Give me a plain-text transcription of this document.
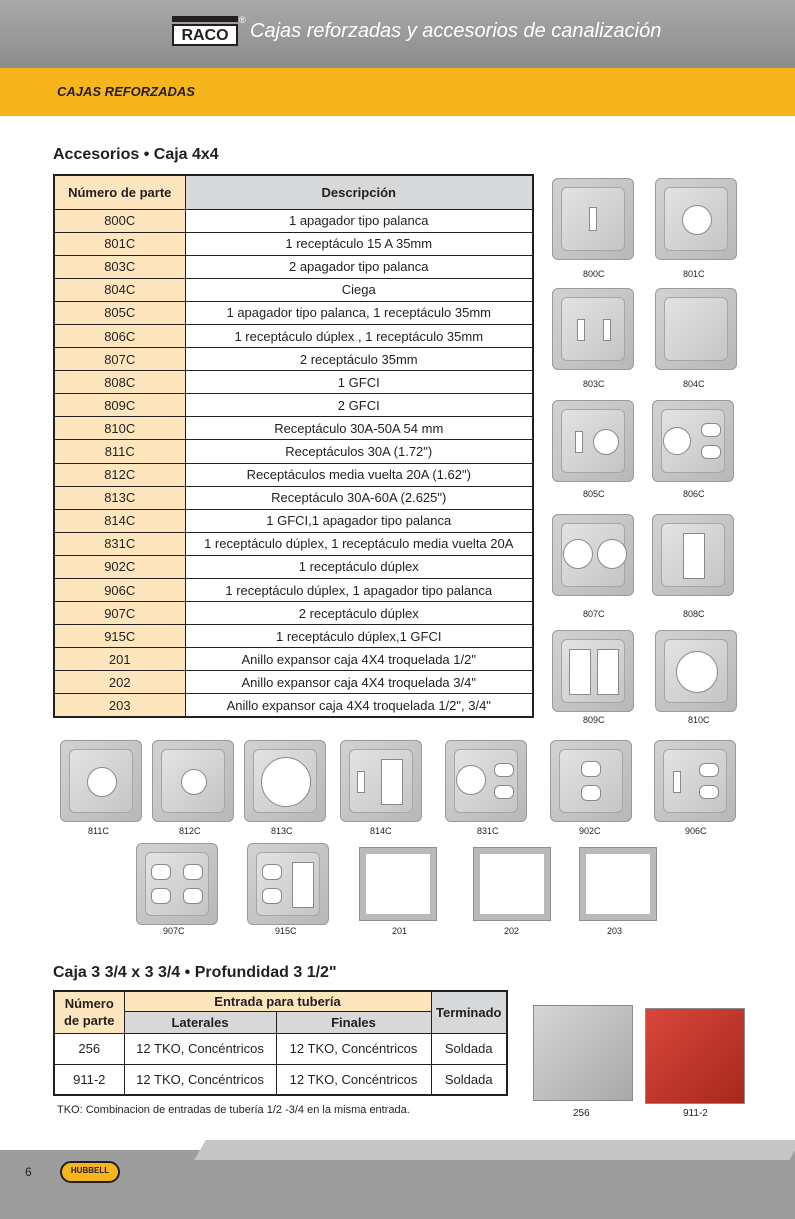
RACO
® Cajas reforzadas y accesorios de canalización
CAJAS REFORZADAS
Accesorios • Caja 4x4
Número de parte	Descripción
800C	1 apagador tipo palanca
801C	1 receptáculo 15 A 35mm
803C	2 apagador tipo palanca
804C	Ciega
805C	1 apagador tipo palanca, 1 receptáculo 35mm
806C	1 receptáculo dúplex , 1 receptáculo 35mm
807C	2 receptáculo 35mm
808C	1 GFCI
809C	2 GFCI
810C	Receptáculo 30A-50A 54 mm
811C	Receptáculos 30A (1.72")
812C	Receptáculos media vuelta 20A (1.62")
813C	Receptáculo 30A-60A (2.625")
814C	1 GFCI,1 apagador tipo palanca
831C	1 receptáculo dúplex, 1 receptáculo media vuelta 20A
902C	1 receptáculo dúplex
906C	1 receptáculo dúplex, 1 apagador tipo palanca
907C	2 receptáculo dúplex
915C	1 receptáculo dúplex,1 GFCI
201	Anillo expansor caja 4X4 troquelada 1/2"
202	Anillo expansor caja 4X4 troquelada 3/4"
203	Anillo expansor caja 4X4 troquelada 1/2", 3/4"
800C	801C
803C	804C
805C	806C
807C	808C
809C	810C
811C	812C	813C	814C	831C	902C	906C
907C	915C	201	202	203
Caja 3 3/4 x 3 3/4 • Profundidad 3 1/2"
Número
de parte	Entrada para tubería		Terminado
	Laterales	Finales	
256	12 TKO, Concéntricos	12 TKO, Concéntricos	Soldada
911-2	12 TKO, Concéntricos	12 TKO, Concéntricos	Soldada
TKO: Combinacion de entradas de tubería 1/2 -3/4 en la misma entrada.	256	911-2
6	HUBBELL
